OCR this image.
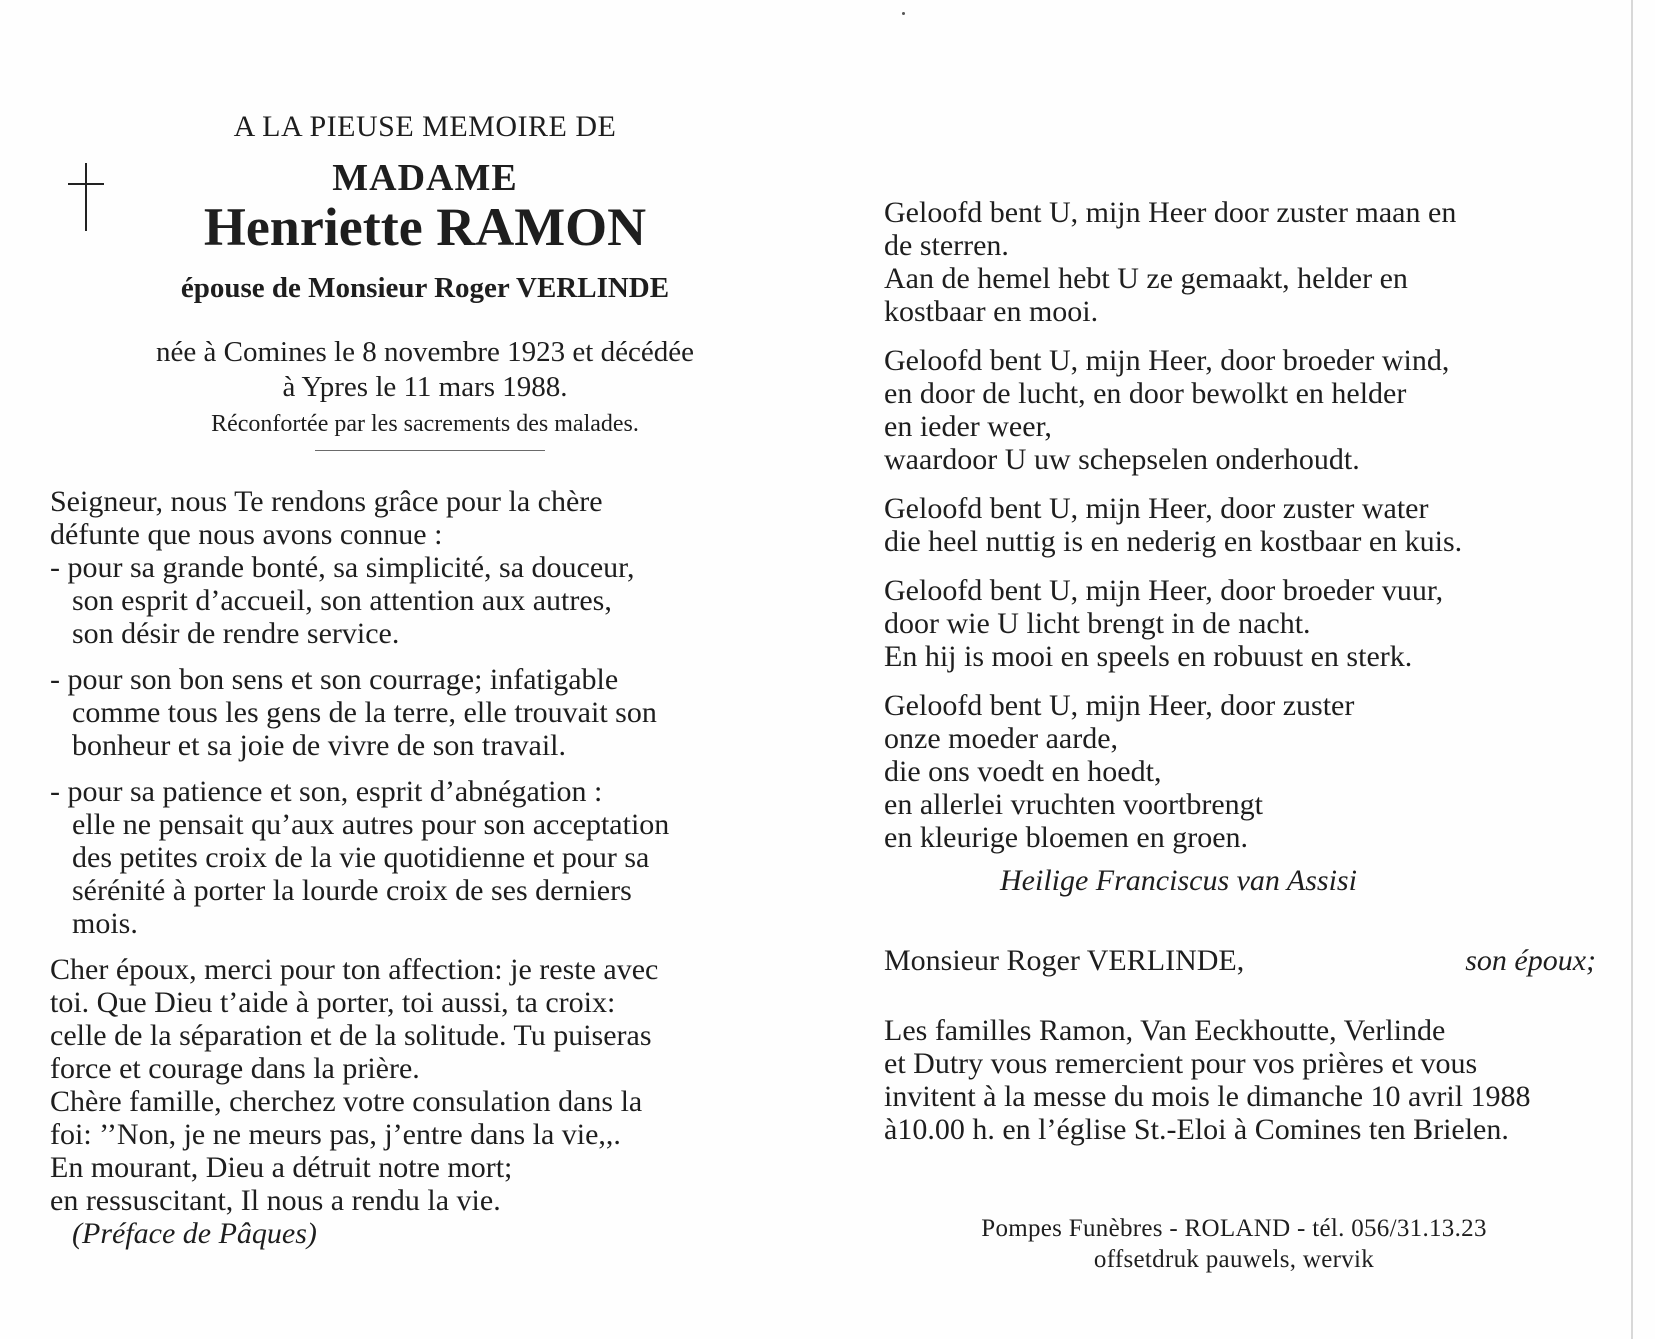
A LA PIEUSE MEMOIRE DE

MADAME

Henriette RAMON

épouse de Monsieur Roger VERLINDE

née à Comines le 8 novembre 1923 et décédée

à Ypres le 11 mars 1988.

Réconfortée par les sacrements des malades.

Seigneur, nous Te rendons grâce pour la chère
défunte que nous avons connue :
- pour sa grande bonté, sa simplicité, sa douceur,
son esprit d’accueil, son attention aux autres,
son désir de rendre service.
- pour son bon sens et son courrage; infatigable
comme tous les gens de la terre, elle trouvait son
bonheur et sa joie de vivre de son travail.
- pour sa patience et son, esprit d’abnégation :
elle ne pensait qu’aux autres pour son acceptation
des petites croix de la vie quotidienne et pour sa
sérénité à porter la lourde croix de ses derniers
mois.
Cher époux, merci pour ton affection: je reste avec
toi. Que Dieu t’aide à porter, toi aussi, ta croix:
celle de la séparation et de la solitude. Tu puiseras
force et courage dans la prière.
Chère famille, cherchez votre consulation dans la
foi: ’’Non, je ne meurs pas, j’entre dans la vie,,.
En mourant, Dieu a détruit notre mort;
en ressuscitant, Il nous a rendu la vie.
(Préface de Pâques)
Geloofd bent U, mijn Heer door zuster maan en
de sterren.
Aan de hemel hebt U ze gemaakt, helder en
kostbaar en mooi.
Geloofd bent U, mijn Heer, door broeder wind,
en door de lucht, en door bewolkt en helder
en ieder weer,
waardoor U uw schepselen onderhoudt.
Geloofd bent U, mijn Heer, door zuster water
die heel nuttig is en nederig en kostbaar en kuis.
Geloofd bent U, mijn Heer, door broeder vuur,
door wie U licht brengt in de nacht.
En hij is mooi en speels en robuust en sterk.
Geloofd bent U, mijn Heer, door zuster
onze moeder aarde,
die ons voedt en hoedt,
en allerlei vruchten voortbrengt
en kleurige bloemen en groen.
Heilige Franciscus van Assisi
Monsieur Roger VERLINDE,	son époux;
Les familles Ramon, Van Eeckhoutte, Verlinde
et Dutry vous remercient pour vos prières et vous
invitent à la messe du mois le dimanche 10 avril 1988
à10.00 h. en l’église St.-Eloi à Comines ten Brielen.
Pompes Funèbres - ROLAND - tél. 056/31.13.23
offsetdruk pauwels, wervik
